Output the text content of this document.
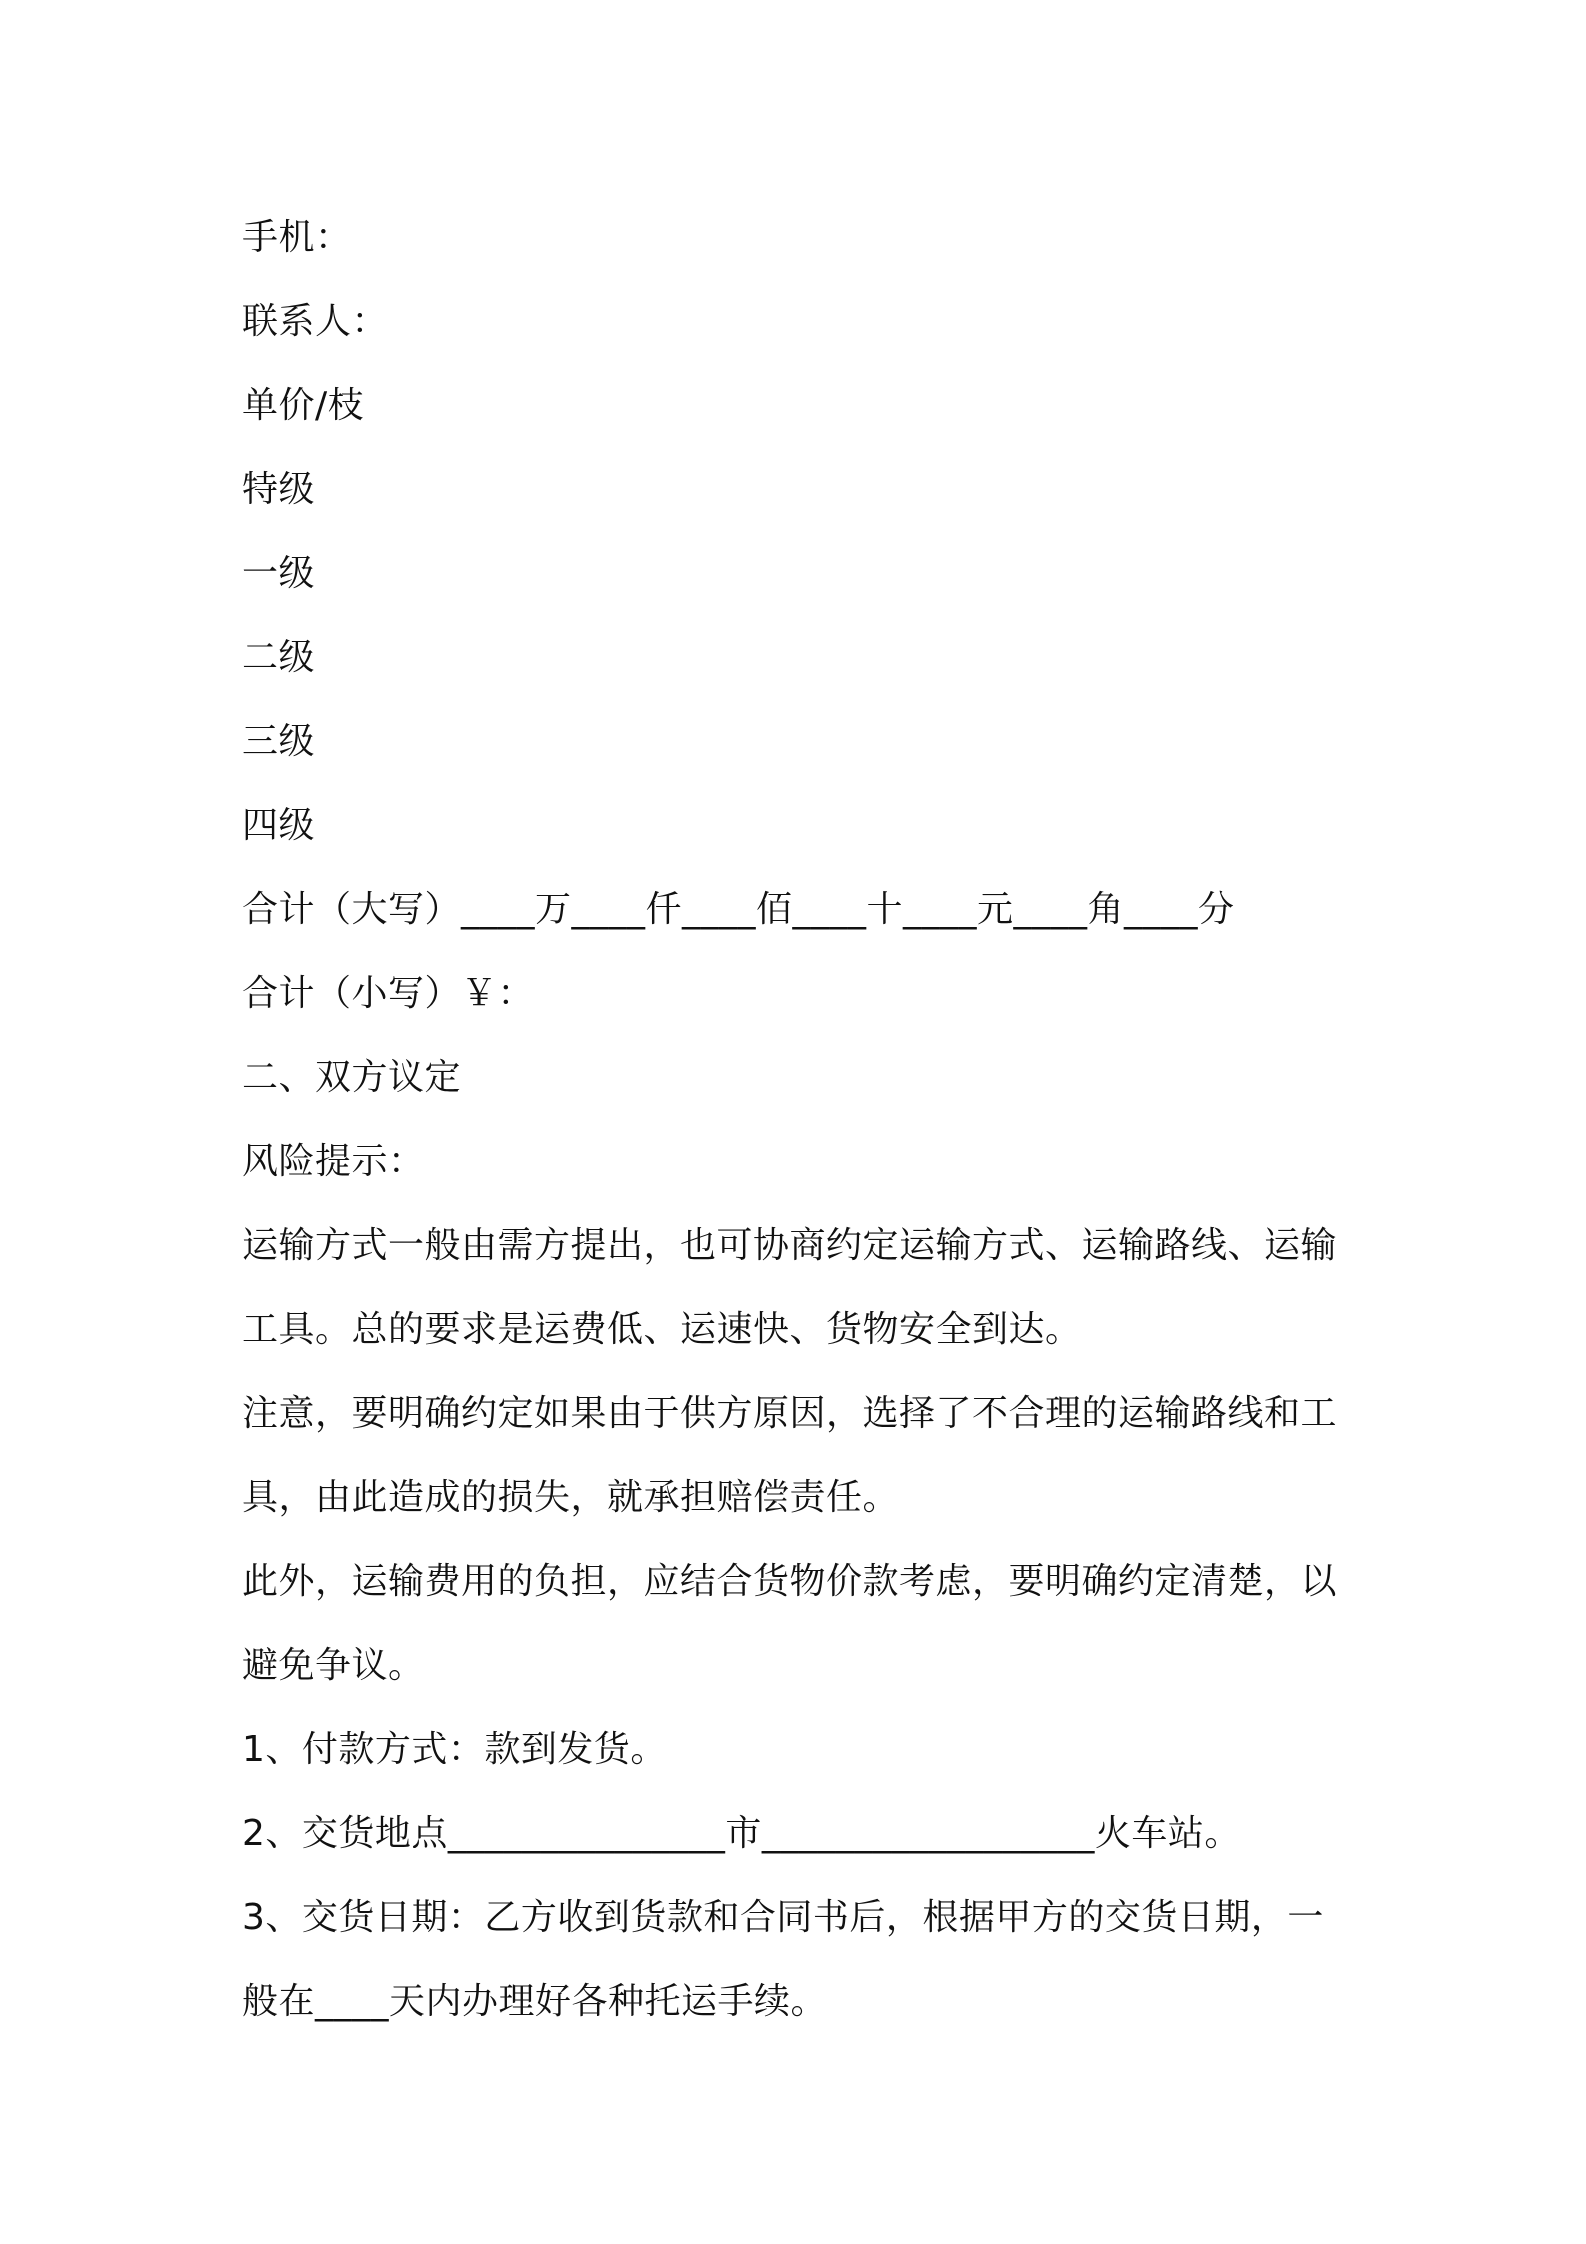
手机：
联系人：
单价/枝
特级
一级
二级
三级
四级
合计（大写）____万____仟____佰____十____元____角____分
合计（小写）￥：
二、双方议定
风险提示：
运输方式一般由需方提出，也可协商约定运输方式、运输路线、运输
工具。总的要求是运费低、运速快、货物安全到达。
注意，要明确约定如果由于供方原因，选择了不合理的运输路线和工
具，由此造成的损失，就承担赔偿责任。
此外，运输费用的负担，应结合货物价款考虑，要明确约定清楚，以
避免争议。
1、付款方式：款到发货。
2、交货地点_______________市__________________火车站。
3、交货日期：乙方收到货款和合同书后，根据甲方的交货日期，一
般在____天内办理好各种托运手续。
